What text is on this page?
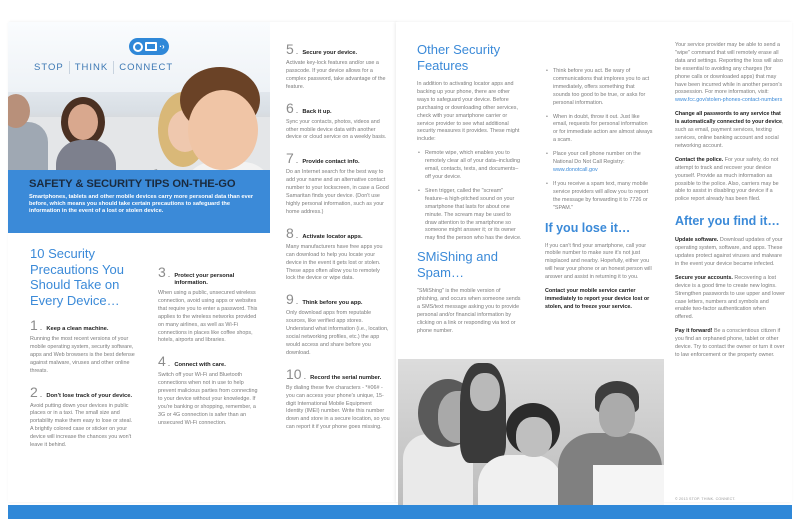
·›
STOP THINK CONNECT
SAFETY & SECURITY TIPS ON-THE-GO

Smartphones, tablets and other mobile devices carry more personal data than ever before, which means you should take certain precautions to safeguard the information in the event of a lost or stolen device.

10 Security Precautions You Should Take on Every Device…
1 . Keep a clean machine.
Running the most recent versions of your mobile operating system, security software, apps and Web browsers is the best defense against malware, viruses and other online threats.
2 . Don't lose track of your device.
Avoid putting down your devices in public places or in a taxi. The small size and portability make them easy to lose or steal. A brightly colored case or sticker on your device will increase the chances you won't leave it behind.
3 . Protect your personal information.
When using a public, unsecured wireless connection, avoid using apps or websites that require you to enter a password. This applies to the wireless networks provided on many airlines, as well as Wi-Fi connections in places like coffee shops, hotels, airports and libraries.
4 . Connect with care.
Switch off your Wi-Fi and Bluetooth connections when not in use to help prevent malicious parties from connecting to your device without your knowledge. If you're banking or shopping, remember, a 3G or 4G connection is safer than an unsecured Wi-Fi connection.
5 . Secure your device.
Activate key-lock features and/or use a passcode. If your device allows for a complex password, take advantage of the feature.
6 . Back it up.
Sync your contacts, photos, videos and other mobile device data with another device or cloud service on a weekly basis.
7 . Provide contact info.
Do an Internet search for the best way to add your name and an alternative contact number to your lockscreen, in case a Good Samaritan finds your device. (Don't use highly personal information, such as your home address.)
8 . Activate locator apps.
Many manufacturers have free apps you can download to help you locate your device in the event it gets lost or stolen. These apps often allow you to remotely lock the device or wipe data.
9 . Think before you app.
Only download apps from reputable sources, like verified app stores. Understand what information (i.e., location, social networking profiles, etc.) the app would access and share before you download.
10 . Record the serial number.
By dialing these five characters - *#06# - you can access your phone's unique, 15-digit International Mobile Equipment Identity (IMEI) number. Write this number down and store in a secure location, so you can report it if your phone goes missing.
Other Security Features

In addition to activating locator apps and backing up your phone, there are other ways to safeguard your device. Before purchasing or downloading other services, check with your smartphone carrier or service provider to see what additional security measures it provides. These might include:

• Remote wipe, which enables you to remotely clear all of your data–including email, contacts, texts, and documents–off your device.
• Siren trigger, called the "scream" feature–a high-pitched sound on your smartphone that lasts for about one minute. The scream may be used to draw attention to the smartphone so someone might answer it; or its owner may find the person who has the device.
SMiShing and Spam…

"SMiShing" is the mobile version of phishing, and occurs when someone sends a SMS/text message asking you to provide personal and/or financial information by clicking on a link or responding via text or phone number.

• Think before you act. Be wary of communications that implores you to act immediately, offers something that sounds too good to be true, or asks for personal information.
• When in doubt, throw it out. Just like email, requests for personal information or for immediate action are almost always a scam.
• Place your cell phone number on the National Do Not Call Registry: www.donotcall.gov
• If you receive a spam text, many mobile service providers will allow you to report the message by forwarding it to 7726 or "SPAM."
If you lose it…

If you can't find your smartphone, call your mobile number to make sure it's not just misplaced and nearby. Hopefully, either you will hear your phone or an honest person will answer and assist in returning it to you.

Contact your mobile service carrier immediately to report your device lost or stolen, and to freeze your service.

Your service provider may be able to send a "wipe" command that will remotely erase all data and settings. Reporting the loss will also be essential to avoiding any charges (for phone calls or downloaded apps) that may have been incurred while in another person's possession. For more information, visit: www.fcc.gov/stolen-phones-contact-numbers

Change all passwords to any service that is automatically connected to your device, such as email, payment services, texting services, online banking account and social networking account.

Contact the police. For your safety, do not attempt to track and recover your device yourself. Provide as much information as possible to the police. Also, carriers may be able to assist in disabling your device if a police report already has been filed.

After you find it…

Update software. Download updates of your operating system, software, and apps. These updates protect against viruses and malware in the event your device became infected.

Secure your accounts. Recovering a lost device is a good time to create new logins. Strengthen passwords to use upper and lower case letters, numbers and symbols and enable two-factor authentication when offered.

Pay it forward! Be a conscientious citizen if you find an orphaned phone, tablet or other device. Try to contact the owner or turn it over to law enforcement or the property owner.

© 2013 STOP. THINK. CONNECT.
